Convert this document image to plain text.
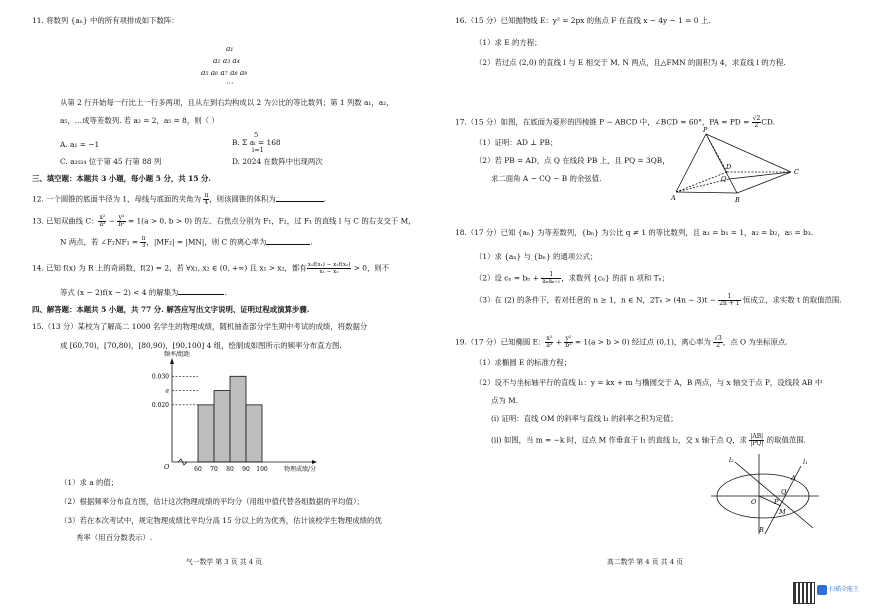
11. 将数列 {aₙ} 中的所有项排成如下数阵：
a₁
a₂ a₃ a₄
a₅ a₆ a₇ a₈ a₉
⋯
从第 2 行开始每一行比上一行多两项，且从左到右均构成以 2 为公比的等比数列；第 1 列数 a₁，a₂，
a₅，…成等差数列. 若 a₂ = 2，a₅ = 8，则（ ）
A. a₁ = −1	B. Σ aᵢ = 168
5
i=1
C. a₂₀₂₄ 位于第 45 行第 88 列	D. 2024 在数阵中出现两次
三、填空题：本题共 3 小题，每小题 5 分，共 15 分.
12. 一个圆锥的底面半径为 1，母线与底面的夹角为 $\frac{\pi}{4}$ ，则该圆锥的体积为	.
13. 已知双曲线 C： $\frac{\text{x²}}{\text{a²}} - \frac{\text{y²}}{\text{b²}} = 1(a > 0$, b > 0) 的左、右焦点分别为 F₁，F₂，过 F₁ 的直线 l 与 C 的右支交于 M，
N 两点，若 ∠F₂NF₁ = $\frac{\pi}{3}$ ，|MF₂| = |MN|，则 C 的离心率为	.
14. 已知 f(x) 为 R 上的奇函数，f(2) = 2，若 ∀x₁, x₂ ∈ (0, +∞) 且 x₁ > x₂，都有 $\frac{\text{x₁f(x₁) − x₂f(x₂)}}{\text{x₁ − x₂}} > 0$，则不
等式 (x − 2)f(x − 2) < 4 的解集为	.
四、解答题：本题共 5 小题，共 77 分. 解答应写出文字说明、证明过程或演算步骤.
15.（13 分）某校为了解高二 1000 名学生的物理成绩，随机抽查部分学生期中考试的成绩，将数据分
成 [60,70)，[70,80)，[80,90)，[90,100] 4 组，绘制成如图所示的频率分布直方图.
0.030
a
0.020
频率/组距
O	60 70 80 90 100	物理成绩/分
（1）求 a 的值；
（2）根据频率分布直方图，估计这次物理成绩的平均分（用组中值代替各组数据的平均值）；
（3）若在本次考试中，规定物理成绩比平均分高 15 分以上的为优秀，估计该校学生物理成绩的优
秀率（用百分数表示）.
气一数学 第 3 页 共 4 页
16.（15 分）已知抛物线 E：y² = 2px 的焦点 F 在直线 x − 4y − 1 = 0 上.
（1）求 E 的方程；
（2）若过点 (2,0) 的直线 l 与 E 相交于 M, N 两点，且△FMN 的面积为 4，求直线 l 的方程.
17.（15 分）如图，在底面为菱形的四棱锥 P − ABCD 中，∠BCD = 60°，PA = PD = $\frac{√2}{2}$ CD.
（1）证明：AD ⊥ PB；
（2）若 PB = AD，点 Q 在线段 PB 上，且 PQ = 3QB，
求二面角 A − CQ − B 的余弦值.
P
A	B
C
D
Q
18.（17 分）已知 {aₙ} 为等差数列，{bₙ} 为公比 q ≠ 1 的等比数列，且 a₁ = b₁ = 1，a₂ = b₂，a₅ = b₃.
（1）求 {aₙ} 与 {bₙ} 的通项公式；
（2）设 $c_n = b_n + \frac{1}{\text{aₙaₙ₊₁}}$ ，求数列 {cₙ} 的前 n 项和 Tₙ；
（3）在 (2) 的条件下，若对任意的 n ≥ 1，n ∈ N，$2T_n > (4n - 3)t - \frac{1}{2n + 1}$ 恒成立，求实数 t 的取值范围.
19.（17 分）已知椭圆 E： $\frac{\text{x²}}{\text{a²}} + \frac{\text{y²}}{\text{b²}} = 1(a > b > 0)$ 经过点 (0,1)，离心率为 $\frac{√3}{2}$ ，点 O 为坐标原点.
（1）求椭圆 E 的标准方程；
（2）设不与坐标轴平行的直线 l₁：y = kx + m 与椭圆交于 A，B 两点，与 x 轴交于点 P，设线段 AB 中
点为 M.
(i) 证明：直线 OM 的斜率与直线 l₁ 的斜率之积为定值；
(ii) 如图，当 m = −k 时，过点 M 作垂直于 l₁ 的直线 l₂，交 x 轴于点 Q，求 $\frac{|AB|}{|PQ|}$ 的取值范围.
l₂	l₁
A
B
O	P
Q
M
高二数学 第 4 页 共 4 页
扫描全能王
